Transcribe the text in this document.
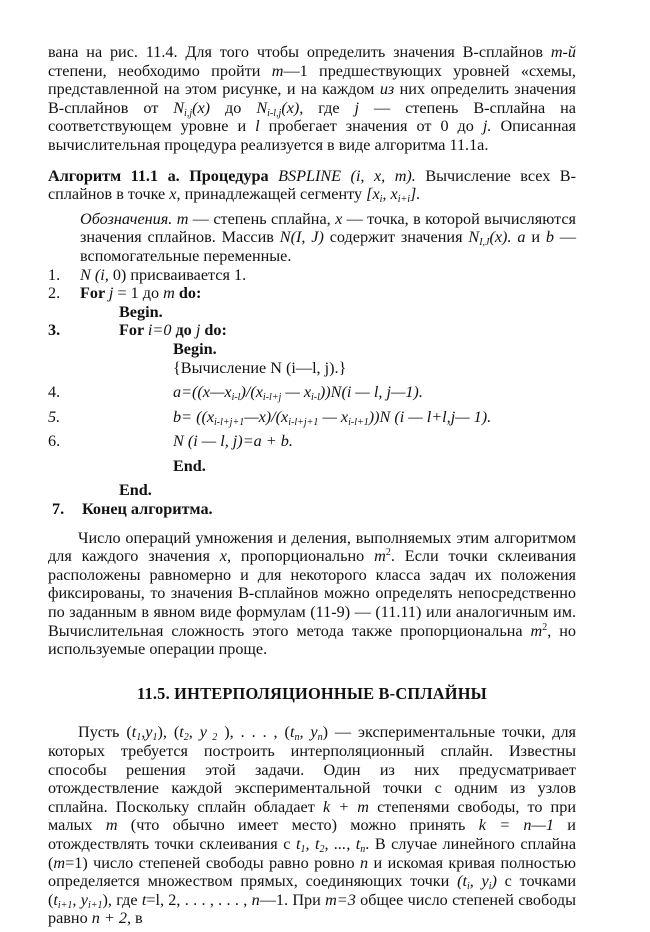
вана на рис. 11.4. Для того чтобы определить значения B-сплайнов m-й степени, необходимо пройти m—1 предшествующих уровней «схемы, представленной на этом рисунке, и на каждом из них определить значения B-сплайнов от $N_{i,j}(x)$ до $N_{i-l,j}(x)$, где j — степень B-сплайна на соответствующем уровне и l пробегает значения от 0 до j. Описанная вычислительная процедура реализуется в виде алгоритма 11.1а.

Алгоритм 11.1 а. Процедура BSPLINE (i, x, m). Вычисление всех B-сплайнов в точке x, принадлежащей сегменту [$x_i$, $x_{i+i}$].

Обозначения. m — степень сплайна, x — точка, в которой вычисляются значения сплайнов. Массив N(I, J) содержит значения $N_{I,J}(x)$. a и b — вспомогательные переменные.

1. N (i, 0) присваивается 1.
2. For j = 1 до m do:
Begin.
3.	For i=0 до j do:
Begin.
{Вычисление N (i—l, j).}
4.	$a=((x—x_{i-l})/(x_{i-l+j}$ — $x_{i-l}))N(i$ — l, j—1).
5.	$b= ((x_{i-l+j+1}—x)/(x_{i-l+j+1}$ — $x_{i-l+1}))N$ (i — l+l,j— 1).
6.	N (i — l, j)=a + b.
End.
End.
7. Конец алгоритма.

Число операций умножения и деления, выполняемых этим алгоритмом для каждого значения x, пропорционально $m^2$. Если точки склеивания расположены равномерно и для некоторого класса задач их положения фиксированы, то значения B-сплайнов можно определять непосредственно по заданным в явном виде формулам (11-9) — (11.11) или аналогичным им. Вычислительная сложность этого метода также пропорциональна $m^2$, но используемые операции проще.

11.5. ИНТЕРПОЛЯЦИОННЫЕ B-СПЛАЙНЫ

Пусть $(t_1,y_1)$, ($t_2$, y $_2$ ), . . . , ($t_n$, $y_n$) — экспериментальные точки, для которых требуется построить интерполяционный сплайн. Известны способы решения этой задачи. Один из них предусматривает отождествление каждой экспериментальной точки с одним из узлов сплайна. Поскольку сплайн обладает k + m степенями свободы, то при малых m (что обычно имеет место) можно принять k = n—1 и отождествлять точки склеивания с $t_1$, $t_2$, ..., $t_n$. В случае линейного сплайна (m=1) число степеней свободы равно ровно n и искомая кривая полностью определяется множеством прямых, соединяющих точки ($t_i$, $y_i$) с точками ($t_{i+1}$, $y_{i+1}$), где t=l, 2, . . . , . . . , n—1. При m=3 общее число степеней свободы равно n + 2, в
